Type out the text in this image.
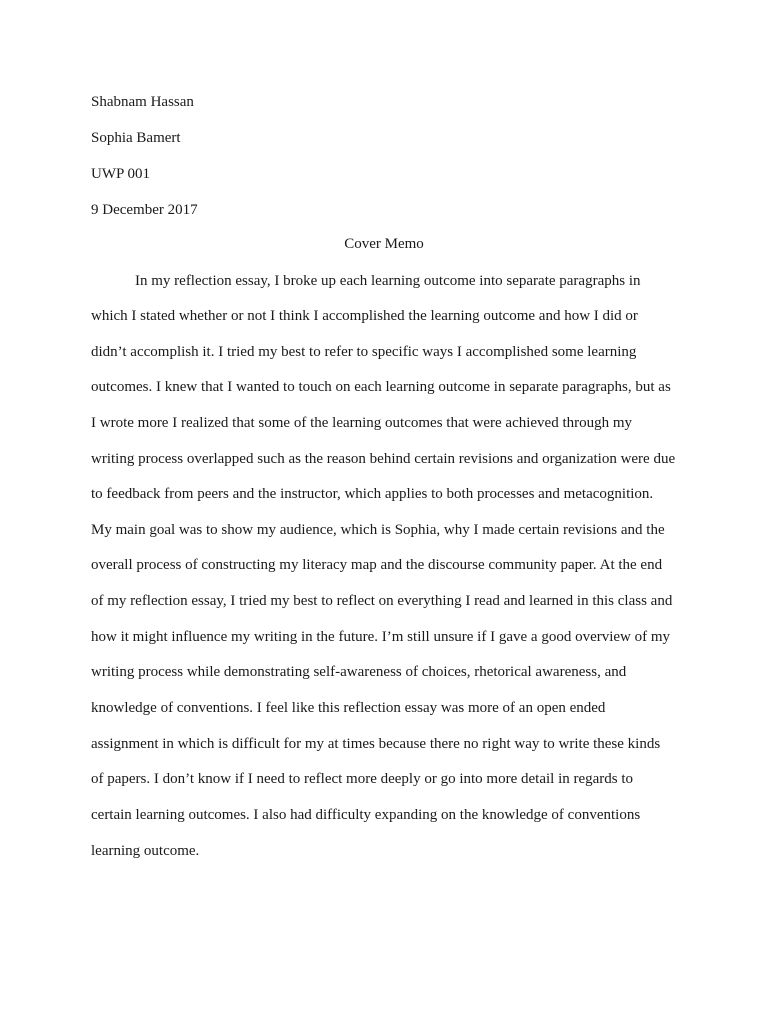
Shabnam Hassan
Sophia Bamert
UWP 001
9 December 2017
Cover Memo
In my reflection essay, I broke up each learning outcome into separate paragraphs in
which I stated whether or not I think I accomplished the learning outcome and how I did or
didn’t accomplish it. I tried my best to refer to specific ways I accomplished some learning
outcomes. I knew that I wanted to touch on each learning outcome in separate paragraphs, but as
I wrote more I realized that some of the learning outcomes that were achieved through my
writing process overlapped such as the reason behind certain revisions and organization were due
to feedback from peers and the instructor, which applies to both processes and metacognition.
My main goal was to show my audience, which is Sophia, why I made certain revisions and the
overall process of constructing my literacy map and the discourse community paper. At the end
of my reflection essay, I tried my best to reflect on everything I read and learned in this class and
how it might influence my writing in the future. I’m still unsure if I gave a good overview of my
writing process while demonstrating self-awareness of choices, rhetorical awareness, and
knowledge of conventions. I feel like this reflection essay was more of an open ended
assignment in which is difficult for my at times because there no right way to write these kinds
of papers. I don’t know if I need to reflect more deeply or go into more detail in regards to
certain learning outcomes. I also had difficulty expanding on the knowledge of conventions
learning outcome.
